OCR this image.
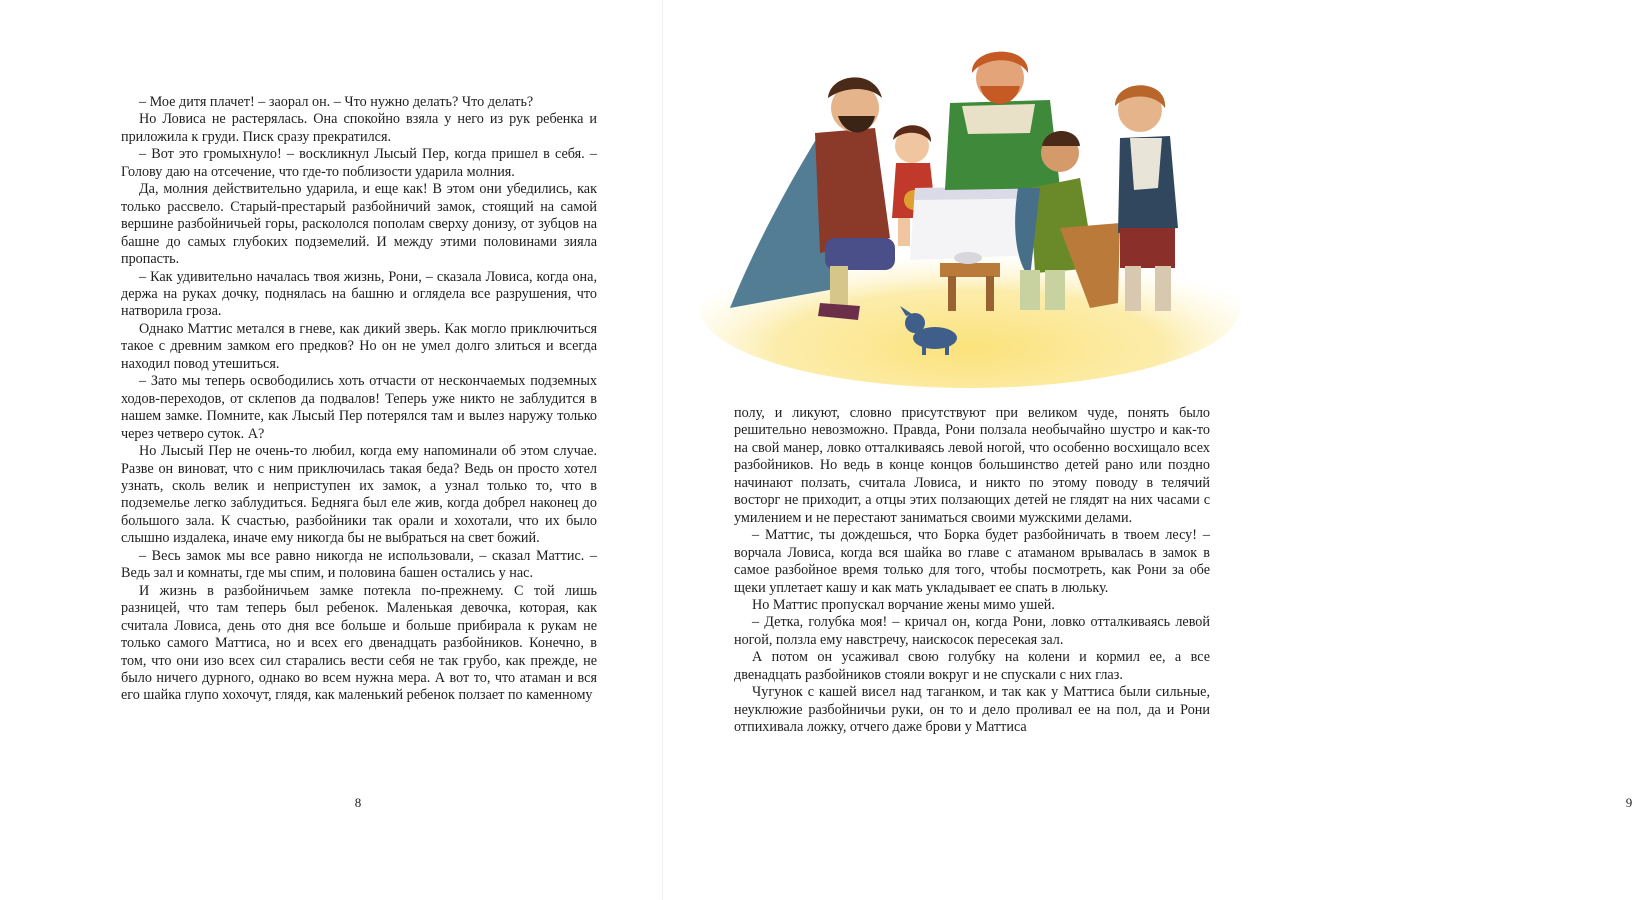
– Мое дитя плачет! – заорал он. – Что нужно делать? Что делать?

Но Ловиса не растерялась. Она спокойно взяла у него из рук ребенка и приложила к груди. Писк сразу прекратился.

– Вот это громыхнуло! – воскликнул Лысый Пер, когда пришел в себя. – Голову даю на отсечение, что где-то поблизости ударила молния.

Да, молния действительно ударила, и еще как! В этом они убедились, как только рассвело. Старый-престарый разбойничий замок, стоящий на самой вершине разбойничьей горы, раскололся пополам сверху донизу, от зубцов на башне до самых глубоких подземелий. И между этими половинами зияла пропасть.

– Как удивительно началась твоя жизнь, Рони, – сказала Ловиса, когда она, держа на руках дочку, поднялась на башню и оглядела все разрушения, что натворила гроза.

Однако Маттис метался в гневе, как дикий зверь. Как могло приключиться такое с древним замком его предков? Но он не умел долго злиться и всегда находил повод утешиться.

– Зато мы теперь освободились хоть отчасти от нескончаемых подземных ходов-переходов, от склепов да подвалов! Теперь уже никто не заблудится в нашем замке. Помните, как Лысый Пер потерялся там и вылез наружу только через четверо суток. А?

Но Лысый Пер не очень-то любил, когда ему напоминали об этом случае. Разве он виноват, что с ним приключилась такая беда? Ведь он просто хотел узнать, сколь велик и неприступен их замок, а узнал только то, что в подземелье легко заблудиться. Бедняга был еле жив, когда добрел наконец до большого зала. К счастью, разбойники так орали и хохотали, что их было слышно издалека, иначе ему никогда бы не выбраться на свет божий.

– Весь замок мы все равно никогда не использовали, – сказал Маттис. – Ведь зал и комнаты, где мы спим, и половина башен остались у нас.

И жизнь в разбойничьем замке потекла по-прежнему. С той лишь разницей, что там теперь был ребенок. Маленькая девочка, которая, как считала Ловиса, день ото дня все больше и больше прибирала к рукам не только самого Маттиса, но и всех его двенадцать разбойников. Конечно, в том, что они изо всех сил старались вести себя не так грубо, как прежде, не было ничего дурного, однако во всем нужна мера. А вот то, что атаман и вся его шайка глупо хохочут, глядя, как маленький ребенок ползает по каменному

8	9

полу, и ликуют, словно присутствуют при великом чуде, понять было решительно невозможно. Правда, Рони ползала необычайно шустро и как-то на свой манер, ловко отталкиваясь левой ногой, что особенно восхищало всех разбойников. Но ведь в конце концов большинство детей рано или поздно начинают ползать, считала Ловиса, и никто по этому поводу в телячий восторг не приходит, а отцы этих ползающих детей не глядят на них часами с умилением и не перестают заниматься своими мужскими делами.

– Маттис, ты дождешься, что Борка будет разбойничать в твоем лесу! – ворчала Ловиса, когда вся шайка во главе с атаманом врывалась в замок в самое разбойное время только для того, чтобы посмотреть, как Рони за обе щеки уплетает кашу и как мать укладывает ее спать в люльку.

Но Маттис пропускал ворчание жены мимо ушей.

– Детка, голубка моя! – кричал он, когда Рони, ловко отталкиваясь левой ногой, ползла ему навстречу, наискосок пересекая зал.

А потом он усаживал свою голубку на колени и кормил ее, а все двенадцать разбойников стояли вокруг и не спускали с них глаз.

Чугунок с кашей висел над таганком, и так как у Маттиса были сильные, неуклюжие разбойничьи руки, он то и дело проливал ее на пол, да и Рони отпихивала ложку, отчего даже брови у Маттиса
